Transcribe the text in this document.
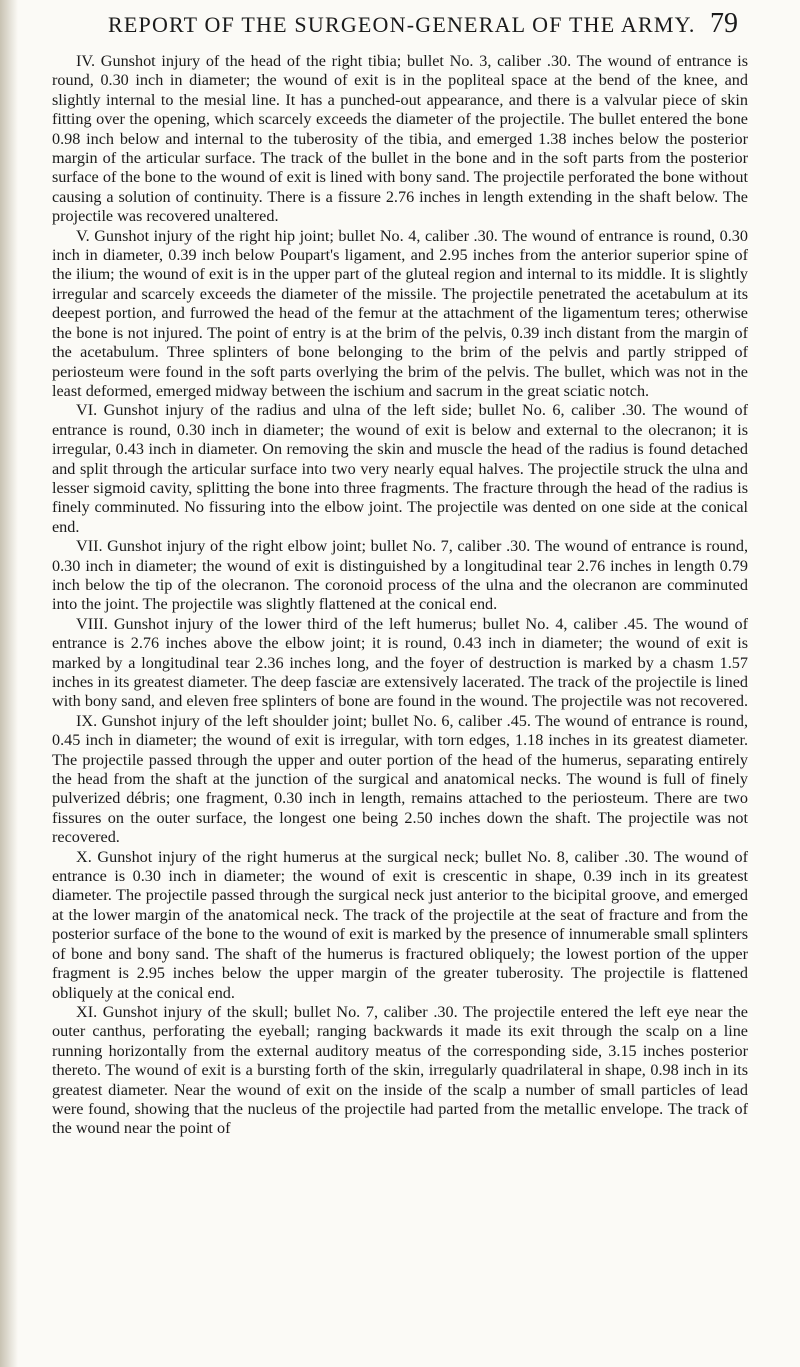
REPORT OF THE SURGEON-GENERAL OF THE ARMY. 79

IV. Gunshot injury of the head of the right tibia; bullet No. 3, caliber .30. The wound of entrance is round, 0.30 inch in diameter; the wound of exit is in the popliteal space at the bend of the knee, and slightly internal to the mesial line. It has a punched-out appearance, and there is a valvular piece of skin fitting over the opening, which scarcely exceeds the diameter of the projectile. The bullet entered the bone 0.98 inch below and internal to the tuberosity of the tibia, and emerged 1.38 inches below the posterior margin of the articular surface. The track of the bullet in the bone and in the soft parts from the posterior surface of the bone to the wound of exit is lined with bony sand. The projectile perforated the bone without causing a solution of continuity. There is a fissure 2.76 inches in length extending in the shaft below. The projectile was recovered unaltered.

V. Gunshot injury of the right hip joint; bullet No. 4, caliber .30. The wound of entrance is round, 0.30 inch in diameter, 0.39 inch below Poupart's ligament, and 2.95 inches from the anterior superior spine of the ilium; the wound of exit is in the upper part of the gluteal region and internal to its middle. It is slightly irregular and scarcely exceeds the diameter of the missile. The projectile penetrated the acetabulum at its deepest portion, and furrowed the head of the femur at the attachment of the ligamentum teres; otherwise the bone is not injured. The point of entry is at the brim of the pelvis, 0.39 inch distant from the margin of the acetabulum. Three splinters of bone belonging to the brim of the pelvis and partly stripped of periosteum were found in the soft parts overlying the brim of the pelvis. The bullet, which was not in the least deformed, emerged midway between the ischium and sacrum in the great sciatic notch.

VI. Gunshot injury of the radius and ulna of the left side; bullet No. 6, caliber .30. The wound of entrance is round, 0.30 inch in diameter; the wound of exit is below and external to the olecranon; it is irregular, 0.43 inch in diameter. On removing the skin and muscle the head of the radius is found detached and split through the articular surface into two very nearly equal halves. The projectile struck the ulna and lesser sigmoid cavity, splitting the bone into three fragments. The fracture through the head of the radius is finely comminuted. No fissuring into the elbow joint. The projectile was dented on one side at the conical end.

VII. Gunshot injury of the right elbow joint; bullet No. 7, caliber .30. The wound of entrance is round, 0.30 inch in diameter; the wound of exit is distinguished by a longitudinal tear 2.76 inches in length 0.79 inch below the tip of the olecranon. The coronoid process of the ulna and the olecranon are comminuted into the joint. The projectile was slightly flattened at the conical end.

VIII. Gunshot injury of the lower third of the left humerus; bullet No. 4, caliber .45. The wound of entrance is 2.76 inches above the elbow joint; it is round, 0.43 inch in diameter; the wound of exit is marked by a longitudinal tear 2.36 inches long, and the foyer of destruction is marked by a chasm 1.57 inches in its greatest diameter. The deep fasciæ are extensively lacerated. The track of the projectile is lined with bony sand, and eleven free splinters of bone are found in the wound. The projectile was not recovered.

IX. Gunshot injury of the left shoulder joint; bullet No. 6, caliber .45. The wound of entrance is round, 0.45 inch in diameter; the wound of exit is irregular, with torn edges, 1.18 inches in its greatest diameter. The projectile passed through the upper and outer portion of the head of the humerus, separating entirely the head from the shaft at the junction of the surgical and anatomical necks. The wound is full of finely pulverized débris; one fragment, 0.30 inch in length, remains attached to the periosteum. There are two fissures on the outer surface, the longest one being 2.50 inches down the shaft. The projectile was not recovered.

X. Gunshot injury of the right humerus at the surgical neck; bullet No. 8, caliber .30. The wound of entrance is 0.30 inch in diameter; the wound of exit is crescentic in shape, 0.39 inch in its greatest diameter. The projectile passed through the surgical neck just anterior to the bicipital groove, and emerged at the lower margin of the anatomical neck. The track of the projectile at the seat of fracture and from the posterior surface of the bone to the wound of exit is marked by the presence of innumerable small splinters of bone and bony sand. The shaft of the humerus is fractured obliquely; the lowest portion of the upper fragment is 2.95 inches below the upper margin of the greater tuberosity. The projectile is flattened obliquely at the conical end.

XI. Gunshot injury of the skull; bullet No. 7, caliber .30. The projectile entered the left eye near the outer canthus, perforating the eyeball; ranging backwards it made its exit through the scalp on a line running horizontally from the external auditory meatus of the corresponding side, 3.15 inches posterior thereto. The wound of exit is a bursting forth of the skin, irregularly quadrilateral in shape, 0.98 inch in its greatest diameter. Near the wound of exit on the inside of the scalp a number of small particles of lead were found, showing that the nucleus of the projectile had parted from the metallic envelope. The track of the wound near the point of
